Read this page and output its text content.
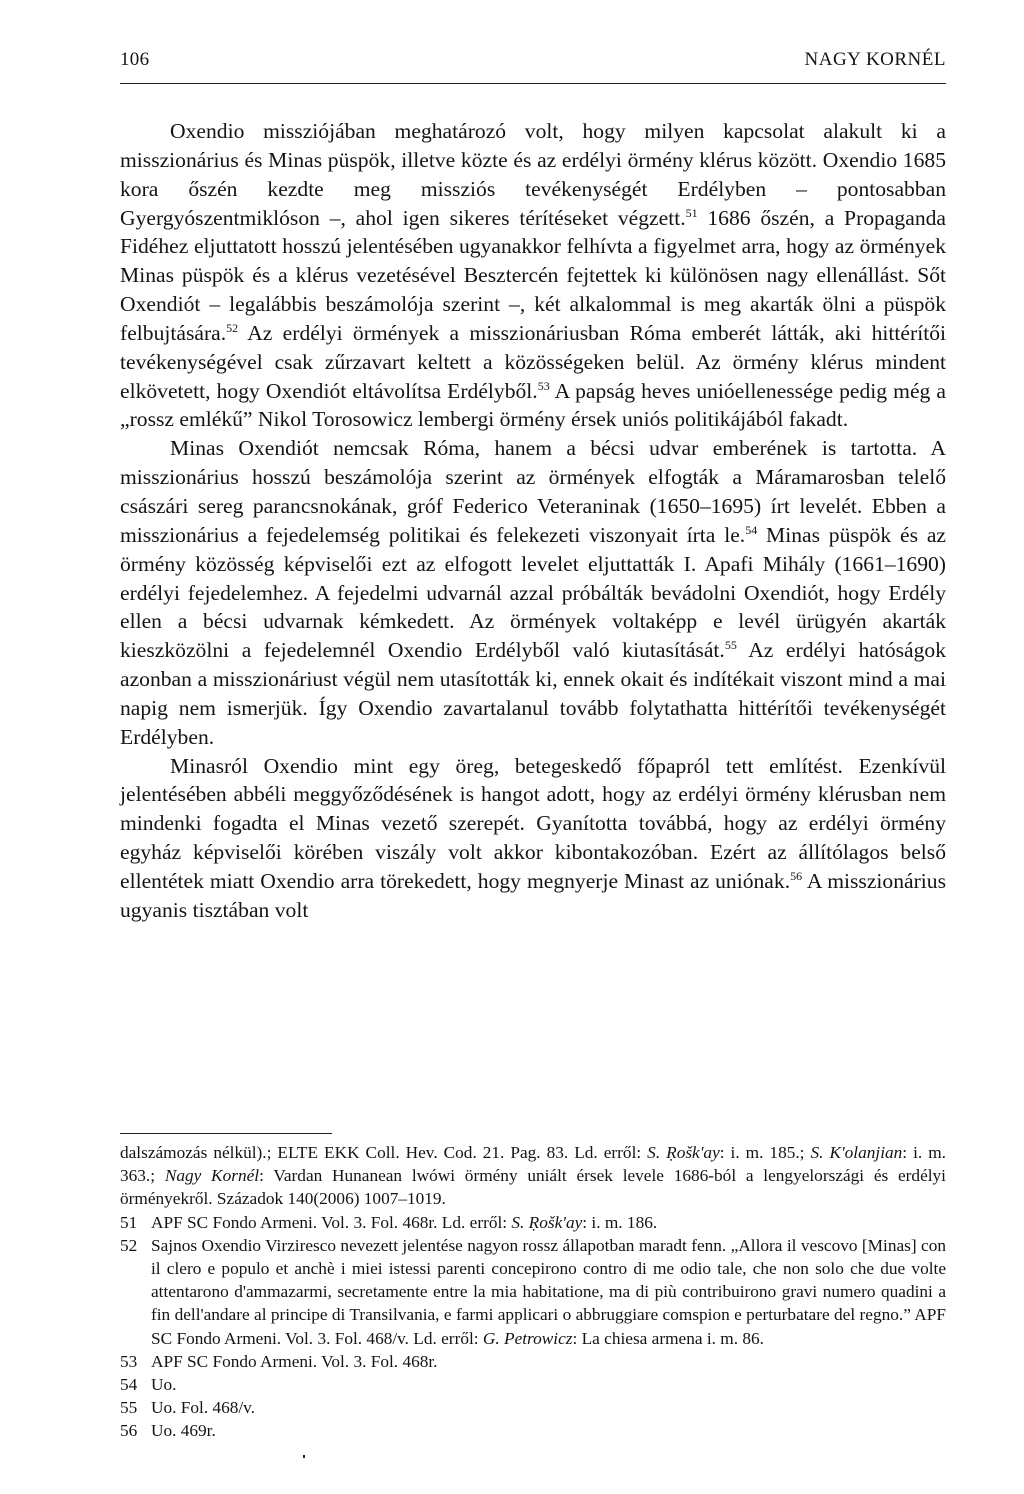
106	NAGY KORNÉL

Oxendio missziójában meghatározó volt, hogy milyen kapcsolat alakult ki a misszionárius és Minas püspök, illetve közte és az erdélyi örmény klérus között. Oxendio 1685 kora őszén kezdte meg missziós tevékenységét Erdélyben – pontosabban Gyergyószentmiklóson –, ahol igen sikeres térítéseket végzett.$^{51}$ 1686 őszén, a Propaganda Fidéhez eljuttatott hosszú jelentésében ugyanakkor felhívta a figyelmet arra, hogy az örmények Minas püspök és a klérus vezetésével Besztercén fejtettek ki különösen nagy ellenállást. Sőt Oxendiót – legalábbis beszámolója szerint –, két alkalommal is meg akarták ölni a püspök felbujtására.$^{52}$ Az erdélyi örmények a misszionáriusban Róma emberét látták, aki hittérítői tevékenységével csak zűrzavart keltett a közösségeken belül. Az örmény klérus mindent elkövetett, hogy Oxendiót eltávolítsa Erdélyből.$^{53}$ A papság heves unióellenessége pedig még a „rossz emlékű” Nikol Torosowicz lembergi örmény érsek uniós politikájából fakadt.

Minas Oxendiót nemcsak Róma, hanem a bécsi udvar emberének is tartotta. A misszionárius hosszú beszámolója szerint az örmények elfogták a Máramarosban telelő császári sereg parancsnokának, gróf Federico Veteraninak (1650–1695) írt levelét. Ebben a misszionárius a fejedelemség politikai és felekezeti viszonyait írta le.$^{54}$ Minas püspök és az örmény közösség képviselői ezt az elfogott levelet eljuttatták I. Apafi Mihály (1661–1690) erdélyi fejedelemhez. A fejedelmi udvarnál azzal próbálták bevádolni Oxendiót, hogy Erdély ellen a bécsi udvarnak kémkedett. Az örmények voltaképp e levél ürügyén akarták kieszközölni a fejedelemnél Oxendio Erdélyből való kiutasítását.$^{55}$ Az erdélyi hatóságok azonban a misszionáriust végül nem utasították ki, ennek okait és indítékait viszont mind a mai napig nem ismerjük. Így Oxendio zavartalanul tovább folytathatta hittérítői tevékenységét Erdélyben.

Minasról Oxendio mint egy öreg, betegeskedő főpapról tett említést. Ezenkívül jelentésében abbéli meggyőződésének is hangot adott, hogy az erdélyi örmény klérusban nem mindenki fogadta el Minas vezető szerepét. Gyanította továbbá, hogy az erdélyi örmény egyház képviselői körében viszály volt akkor kibontakozóban. Ezért az állítólagos belső ellentétek miatt Oxendio arra törekedett, hogy megnyerje Minast az uniónak.$^{56}$ A misszionárius ugyanis tisztában volt

dalszámozás nélkül).; ELTE EKK Coll. Hev. Cod. 21. Pag. 83. Ld. erről: S. Ṛošk'ay: i. m. 185.; S. K'olanjian: i. m. 363.; Nagy Kornél: Vardan Hunanean lwówi örmény uniált érsek levele 1686-ból a lengyelországi és erdélyi örményekről. Századok 140(2006) 1007–1019.
51 APF SC Fondo Armeni. Vol. 3. Fol. 468r. Ld. erről: S. Ṛošk'ay: i. m. 186.
52 Sajnos Oxendio Virziresco nevezett jelentése nagyon rossz állapotban maradt fenn. „Allora il vescovo [Minas] con il clero e populo et anchè i miei istessi parenti concepirono contro di me odio tale, che non solo che due volte attentarono d'ammazarmi, secretamente entre la mia habitatione, ma di più contribuirono gravi numero quadini a fin dell'andare al principe di Transilvania, e farmi applicari o abbruggiare comspion e perturbatare del regno.” APF SC Fondo Armeni. Vol. 3. Fol. 468/v. Ld. erről: G. Petrowicz: La chiesa armena i. m. 86.
53 APF SC Fondo Armeni. Vol. 3. Fol. 468r.
54 Uo.
55 Uo. Fol. 468/v.
56 Uo. 469r.
